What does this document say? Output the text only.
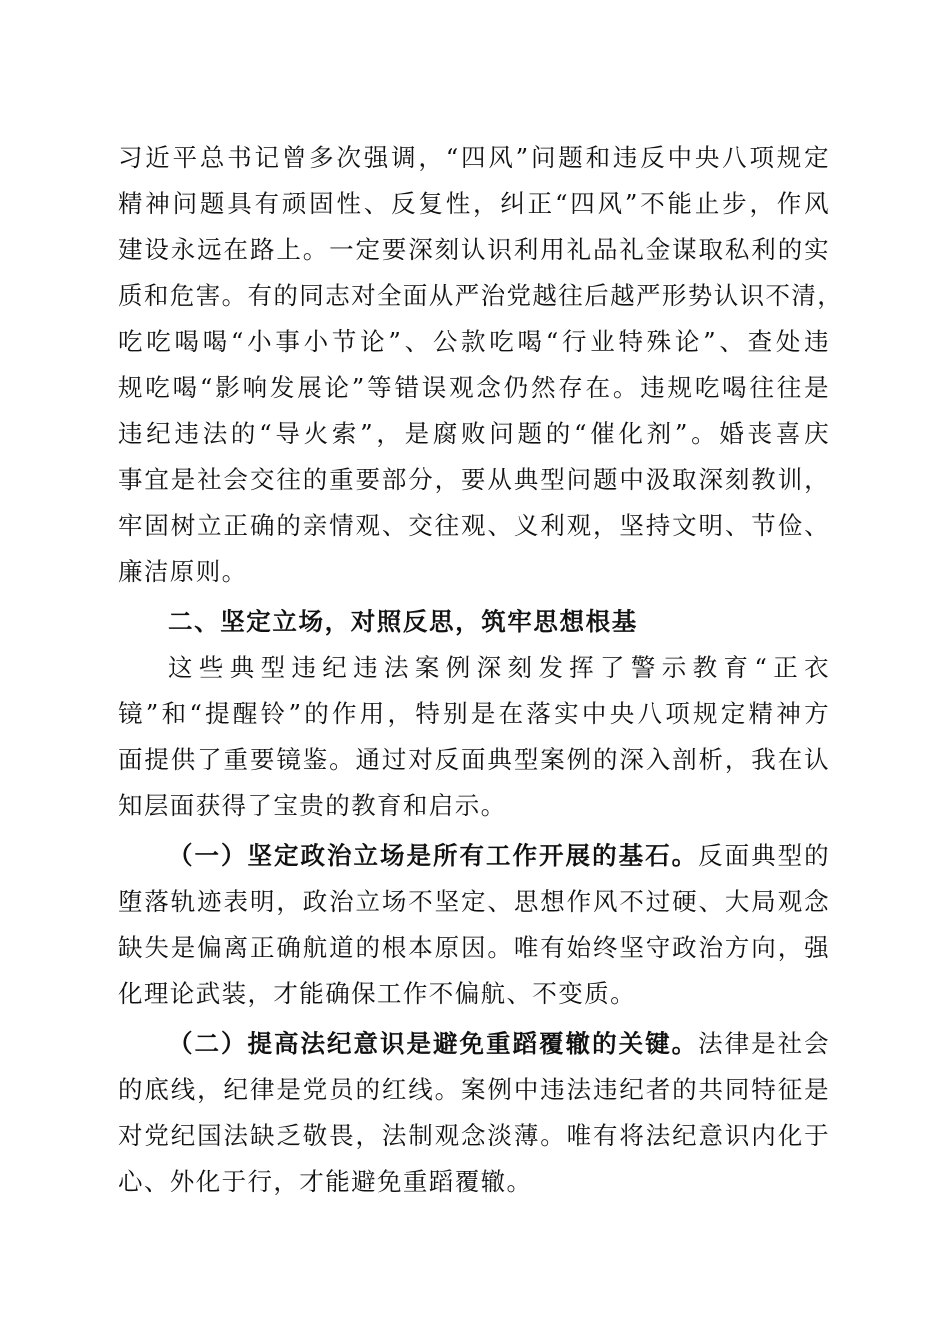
习近平总书记曾多次强调，“四风”问题和违反中央八项规定
精神问题具有顽固性、反复性，纠正“四风”不能止步，作风
建设永远在路上。一定要深刻认识利用礼品礼金谋取私利的实
质和危害。有的同志对全面从严治党越往后越严形势认识不清，
吃吃喝喝“小事小节论”、公款吃喝“行业特殊论”、查处违
规吃喝“影响发展论”等错误观念仍然存在。违规吃喝往往是
违纪违法的“导火索”，是腐败问题的“催化剂”。婚丧喜庆
事宜是社会交往的重要部分，要从典型问题中汲取深刻教训，
牢固树立正确的亲情观、交往观、义利观，坚持文明、节俭、
廉洁原则。
二、坚定立场，对照反思，筑牢思想根基
这些典型违纪违法案例深刻发挥了警示教育“正衣
镜”和“提醒铃”的作用，特别是在落实中央八项规定精神方
面提供了重要镜鉴。通过对反面典型案例的深入剖析，我在认
知层面获得了宝贵的教育和启示。
（一）坚定政治立场是所有工作开展的基石。反面典型的
堕落轨迹表明，政治立场不坚定、思想作风不过硬、大局观念
缺失是偏离正确航道的根本原因。唯有始终坚守政治方向，强
化理论武装，才能确保工作不偏航、不变质。
（二）提高法纪意识是避免重蹈覆辙的关键。法律是社会
的底线，纪律是党员的红线。案例中违法违纪者的共同特征是
对党纪国法缺乏敬畏，法制观念淡薄。唯有将法纪意识内化于
心、外化于行，才能避免重蹈覆辙。
